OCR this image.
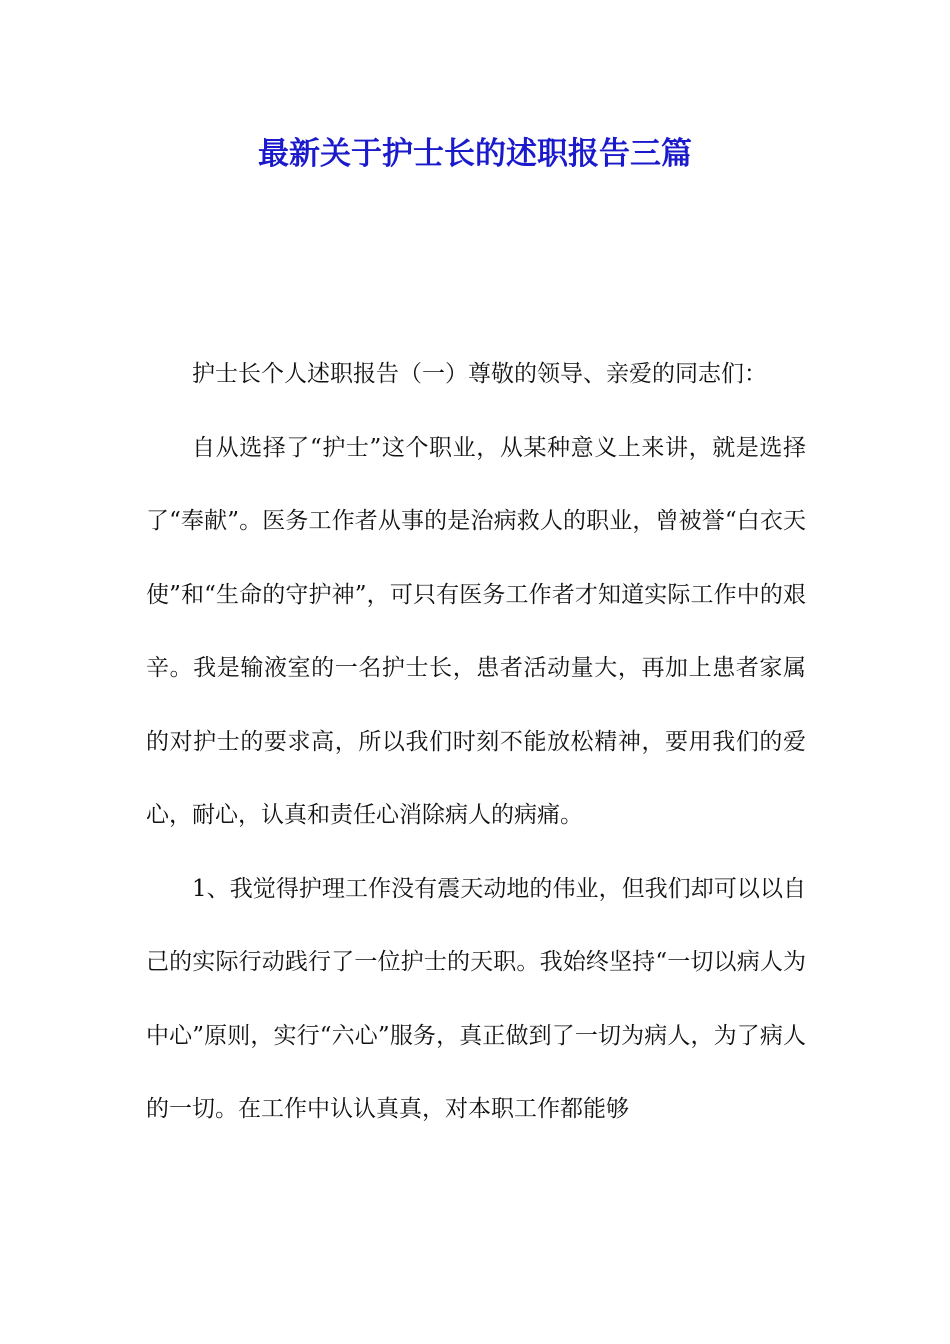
最新关于护士长的述职报告三篇

护士长个人述职报告（一）尊敬的领导、亲爱的同志们：

自从选择了“护士”这个职业，从某种意义上来讲，就是选择了“奉献”。医务工作者从事的是治病救人的职业，曾被誉“白衣天使”和“生命的守护神”，可只有医务工作者才知道实际工作中的艰辛。我是输液室的一名护士长，患者活动量大，再加上患者家属的对护士的要求高，所以我们时刻不能放松精神，要用我们的爱心，耐心，认真和责任心消除病人的病痛。

1、我觉得护理工作没有震天动地的伟业，但我们却可以以自己的实际行动践行了一位护士的天职。我始终坚持“一切以病人为中心”原则，实行“六心”服务，真正做到了一切为病人，为了病人的一切。在工作中认认真真，对本职工作都能够
